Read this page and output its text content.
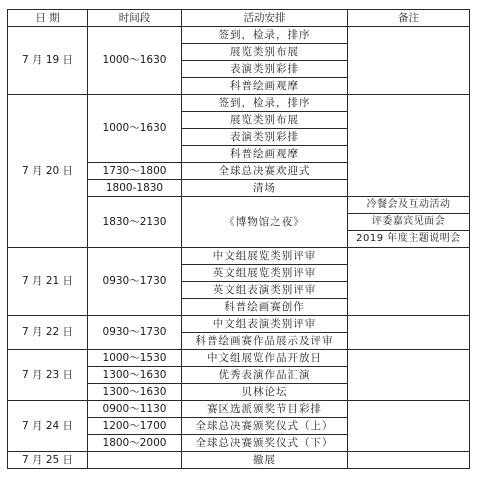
日 期	时间段	活动安排	备注
7 月 19 日	1000～1630	签到，检录，排序	
		展览类别布展	
		表演类别彩排	
		科普绘画观摩	
7 月 20 日	1000～1630	签到，检录，排序	
		展览类别布展	
		表演类别彩排	
		科普绘画观摩	
	1730～1800	全球总决赛欢迎式	
	1800-1830	清场	
	1830～2130	《博物馆之夜》	冷餐会及互动活动
			评委嘉宾见面会
			2019 年度主题说明会
7 月 21 日	0930～1730	中文组展览类别评审	
		英文组展览类别评审	
		英文组表演类别评审	
		科普绘画赛创作	
7 月 22 日	0930～1730	中文组表演类别评审	
		科普绘画赛作品展示及评审	
7 月 23 日	1000～1530	中文组展览作品开放日	
	1300～1630	优秀表演作品汇演	
	1300～1630	贝林论坛	
7 月 24 日	0900～1130	赛区选派颁奖节目彩排	
	1200～1700	全球总决赛颁奖仪式（上）	
	1800～2000	全球总决赛颁奖仪式（下）	
7 月 25 日		撤展	
